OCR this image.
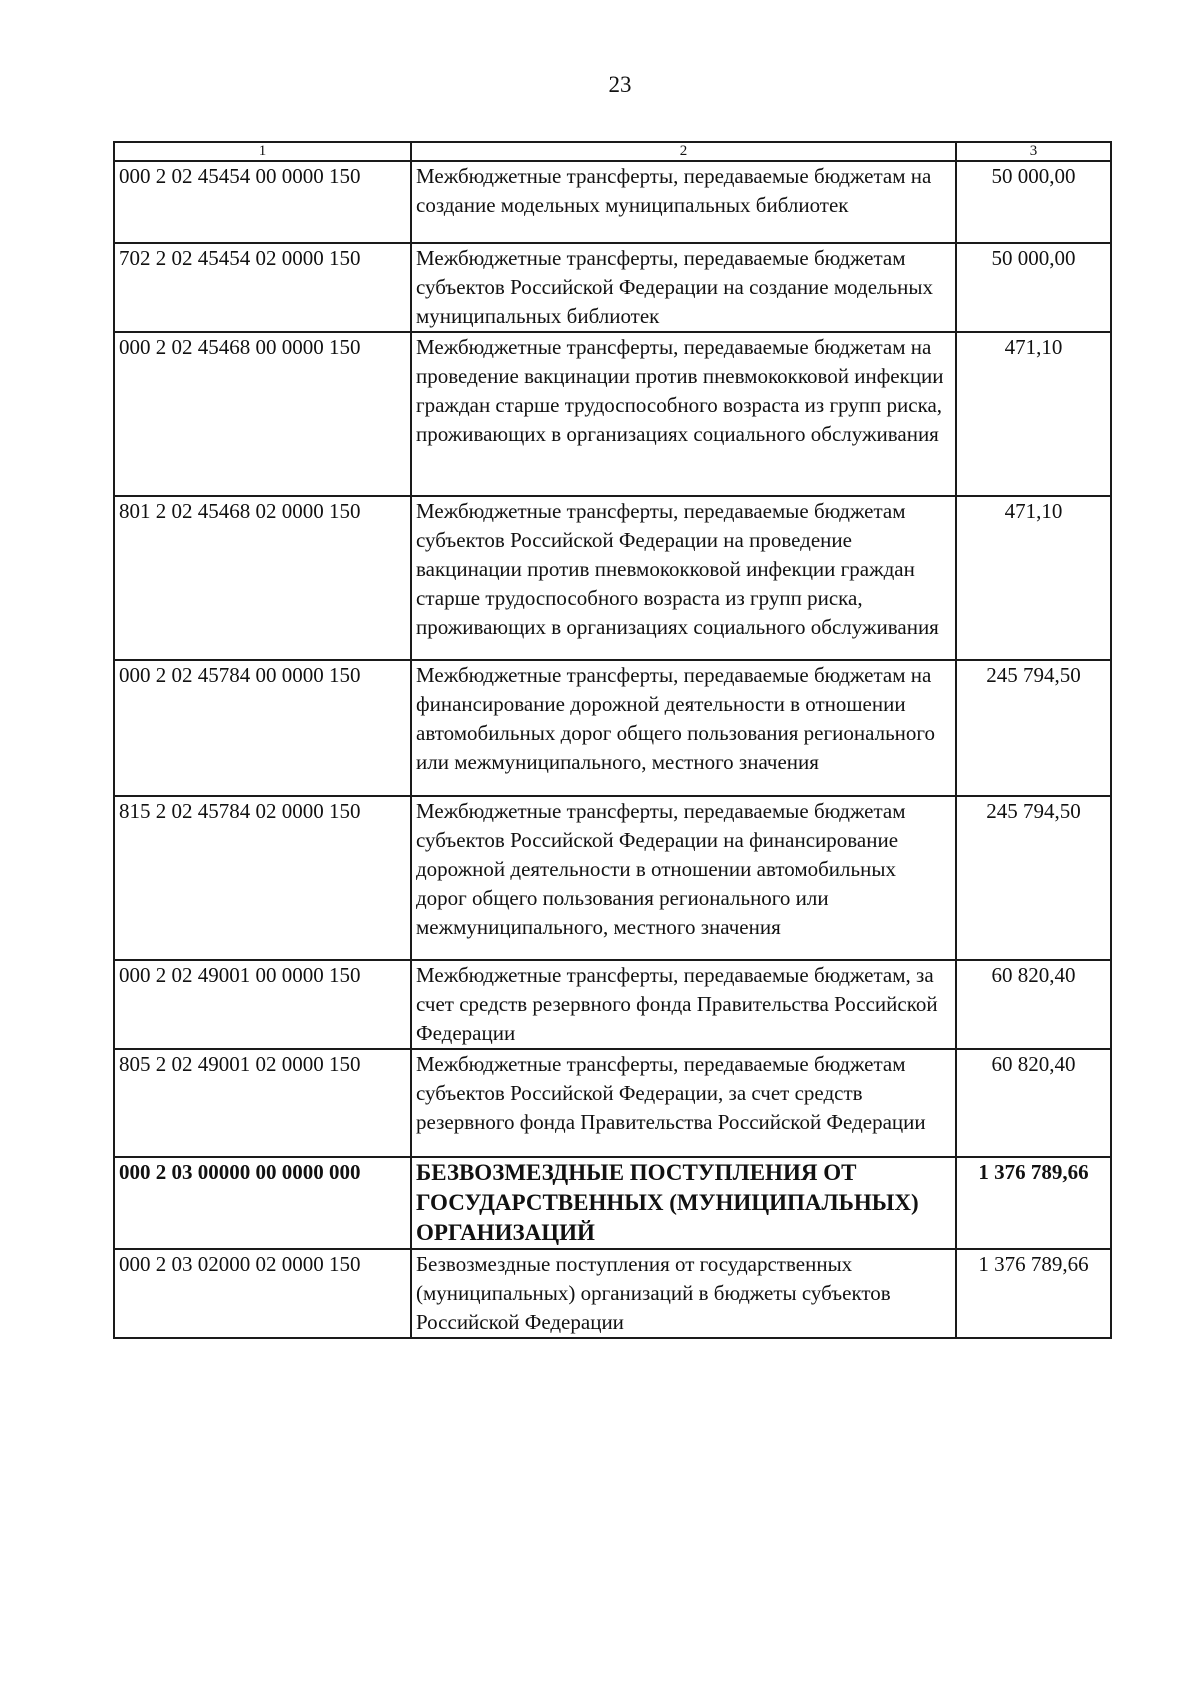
23
1	2	3
000 2 02 45454 00 0000 150	Межбюджетные трансферты, передаваемые бюджетам на создание модельных муниципальных библиотек	50 000,00
702 2 02 45454 02 0000 150	Межбюджетные трансферты, передаваемые бюджетам субъектов Российской Федерации на создание модельных муниципальных библиотек	50 000,00
000 2 02 45468 00 0000 150	Межбюджетные трансферты, передаваемые бюджетам на проведение вакцинации против пневмококковой инфекции граждан старше трудоспособного возраста из групп риска, проживающих в организациях социального обслуживания	471,10
801 2 02 45468 02 0000 150	Межбюджетные трансферты, передаваемые бюджетам субъектов Российской Федерации на проведение вакцинации против пневмококковой инфекции граждан старше трудоспособного возраста из групп риска, проживающих в организациях социального обслуживания	471,10
000 2 02 45784 00 0000 150	Межбюджетные трансферты, передаваемые бюджетам на финансирование дорожной деятельности в отношении автомобильных дорог общего пользования регионального или межмуниципального, местного значения	245 794,50
815 2 02 45784 02 0000 150	Межбюджетные трансферты, передаваемые бюджетам субъектов Российской Федерации на финансирование дорожной деятельности в отношении автомобильных дорог общего пользования регионального или межмуниципального, местного значения	245 794,50
000 2 02 49001 00 0000 150	Межбюджетные трансферты, передаваемые бюджетам, за счет средств резервного фонда Правительства Российской Федерации	60 820,40
805 2 02 49001 02 0000 150	Межбюджетные трансферты, передаваемые бюджетам субъектов Российской Федерации, за счет средств резервного фонда Правительства Российской Федерации	60 820,40
000 2 03 00000 00 0000 000	БЕЗВОЗМЕЗДНЫЕ ПОСТУПЛЕНИЯ ОТ ГОСУДАРСТВЕННЫХ (МУНИЦИПАЛЬНЫХ) ОРГАНИЗАЦИЙ	1 376 789,66
000 2 03 02000 02 0000 150	Безвозмездные поступления от государственных (муниципальных) организаций в бюджеты субъектов Российской Федерации	1 376 789,66
